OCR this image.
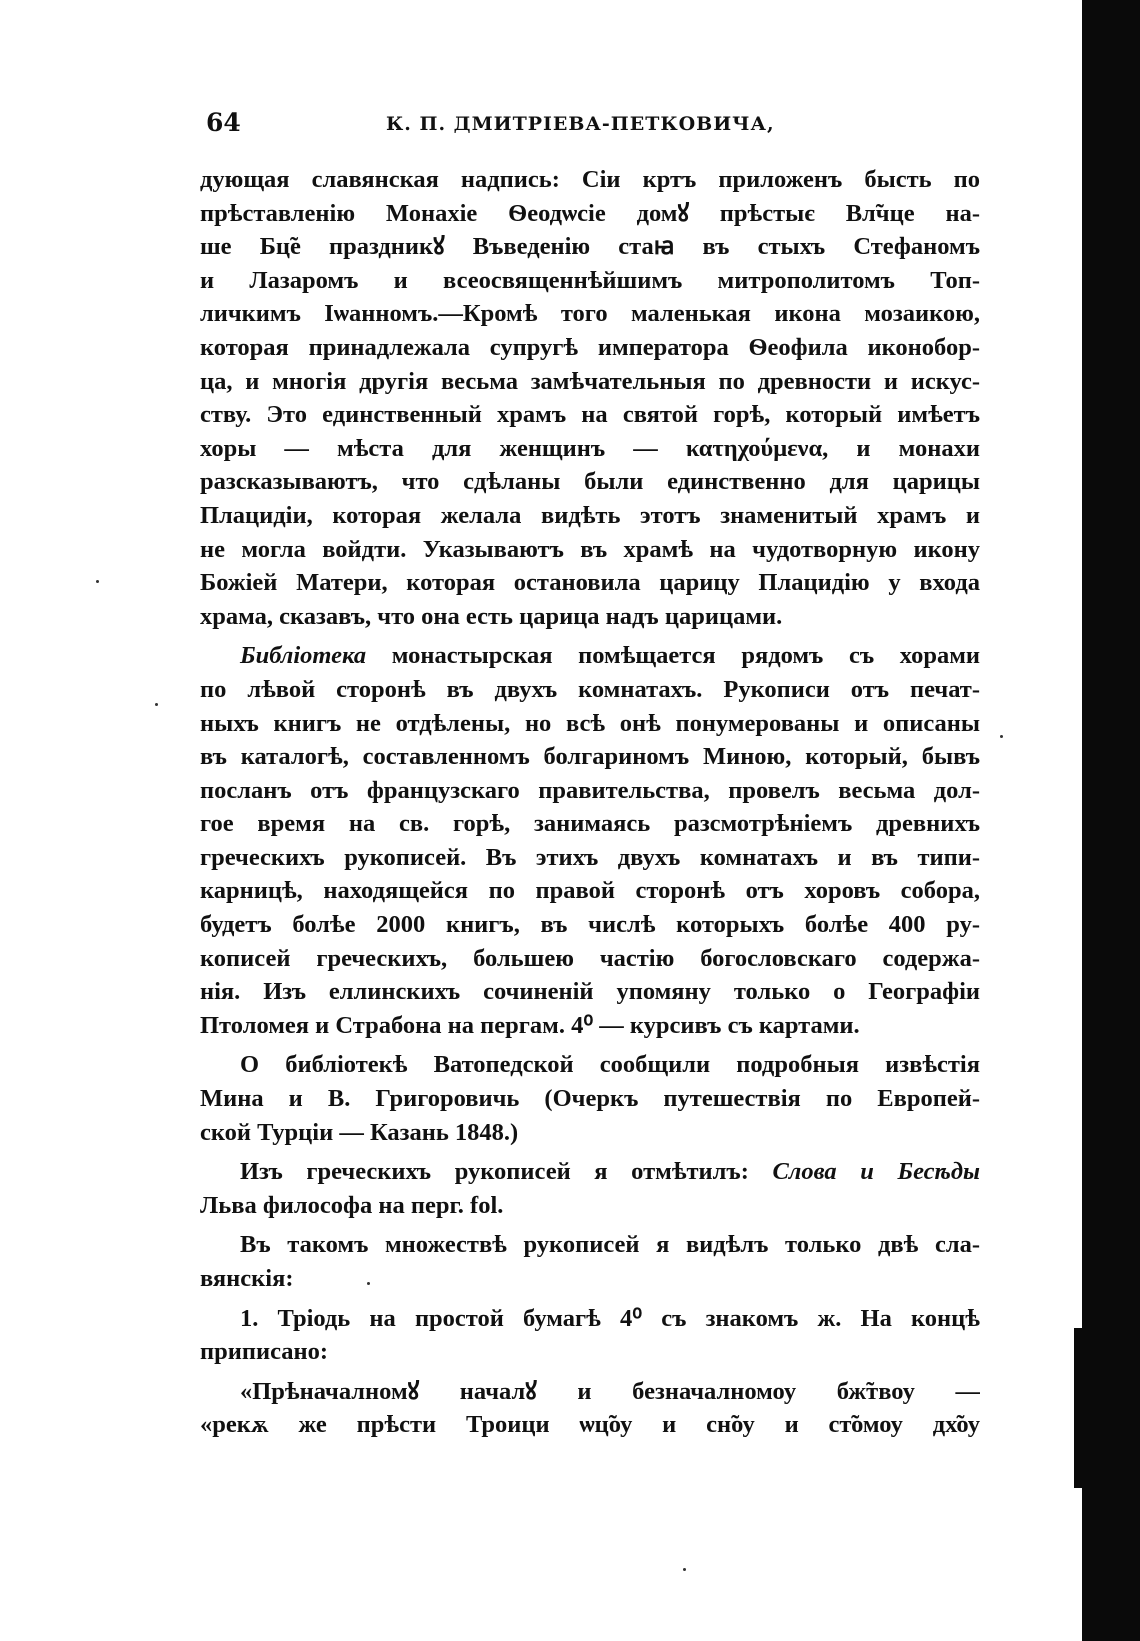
64	К. П. ДМИТРІЕВА-ПЕТКОВИЧА,
дующая славянская надпись: Сіи кртъ приложенъ бысть по
прѣставленію Монахіе Ѳеодѡсіе домꙋ прѣстыє Вл̃чце на-
ше Бц̃е праздникꙋ Въведенію стаꙗ въ стыхъ Стефаномъ
и Лазаромъ и всеосвященнѣйшимъ митрополитомъ Топ-
личкимъ Іѡанномъ.—Кромѣ того маленькая икона мозаикою,
которая принадлежала супругѣ императора Ѳеофила иконобор-
ца, и многія другія весьма замѣчательныя по древности и искус-
ству. Это единственный храмъ на святой горѣ, который имѣетъ
хоры — мѣста для женщинъ — κατηχούμενα, и монахи
разсказываютъ, что сдѣланы были единственно для царицы
Плацидіи, которая желала видѣть этотъ знаменитый храмъ и
не могла войдти. Указываютъ въ храмѣ на чудотворную икону
Божіей Матери, которая остановила царицу Плацидію у входа
храма, сказавъ, что она есть царица надъ царицами.
Библіотека монастырская помѣщается рядомъ съ хорами
по лѣвой сторонѣ въ двухъ комнатахъ. Рукописи отъ печат-
ныхъ книгъ не отдѣлены, но всѣ онѣ понумерованы и описаны
въ каталогѣ, составленномъ болгариномъ Миною, который, бывъ
посланъ отъ французскаго правительства, провелъ весьма дол-
гое время на св. горѣ, занимаясь разсмотрѣніемъ древнихъ
греческихъ рукописей. Въ этихъ двухъ комнатахъ и въ типи-
карницѣ, находящейся по правой сторонѣ отъ хоровъ собора,
будетъ болѣе 2000 книгъ, въ числѣ которыхъ болѣе 400 ру-
кописей греческихъ, большею частію богословскаго содержа-
нія. Изъ еллинскихъ сочиненій упомяну только о Географіи
Птоломея и Страбона на пергам. 4⁰ — курсивъ съ картами.
О библіотекѣ Ватопедской сообщили подробныя извѣстія
Мина и В. Григоровичь (Очеркъ путешествія по Европей-
ской Турціи — Казань 1848.)
Изъ греческихъ рукописей я отмѣтилъ: Слова и Бесѣды
Льва философа на перг. fol.
Въ такомъ множествѣ рукописей я видѣлъ только двѣ сла-
вянскія:
1. Тріодь на простой бумагѣ 4⁰ съ знакомъ ж. На концѣ
приписано:
«Прѣначалномꙋ началꙋ и безначалномоу бж̃твоу —
«рекѫ же прѣсти Троици ѡц̃оу и сн̃оу и ст̃омоу дх̃оу
